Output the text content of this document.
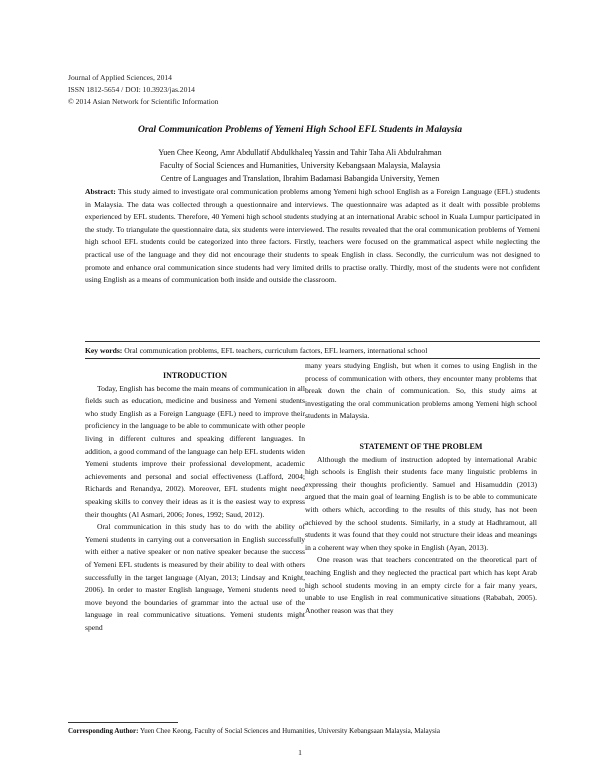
Journal of Applied Sciences, 2014
ISSN 1812-5654 / DOI: 10.3923/jas.2014
© 2014 Asian Network for Scientific Information
Oral Communication Problems of Yemeni High School EFL Students in Malaysia
Yuen Chee Keong, Amr Abdullatif Abdulkhaleq Yassin and Tahir Taha Ali Abdulrahman
Faculty of Social Sciences and Humanities, University Kebangsaan Malaysia, Malaysia
Centre of Languages and Translation, Ibrahim Badamasi Babangida University, Yemen
Abstract: This study aimed to investigate oral communication problems among Yemeni high school English as a Foreign Language (EFL) students in Malaysia. The data was collected through a questionnaire and interviews. The questionnaire was adapted as it dealt with possible problems experienced by EFL students. Therefore, 40 Yemeni high school students studying at an international Arabic school in Kuala Lumpur participated in the study. To triangulate the questionnaire data, six students were interviewed. The results revealed that the oral communication problems of Yemeni high school EFL students could be categorized into three factors. Firstly, teachers were focused on the grammatical aspect while neglecting the practical use of the language and they did not encourage their students to speak English in class. Secondly, the curriculum was not designed to promote and enhance oral communication since students had very limited drills to practise orally. Thirdly, most of the students were not confident using English as a means of communication both inside and outside the classroom.
Key words: Oral communication problems, EFL teachers, curriculum factors, EFL learners, international school

INTRODUCTION

Today, English has become the main means of communication in all fields such as education, medicine and business and Yemeni students who study English as a Foreign Language (EFL) need to improve their proficiency in the language to be able to communicate with other people living in different cultures and speaking different languages. In addition, a good command of the language can help EFL students widen Yemeni students improve their professional development, academic achievements and personal and social effectiveness (Lafford, 2004; Richards and Renandya, 2002). Moreover, EFL students might need speaking skills to convey their ideas as it is the easiest way to express their thoughts (Al Asmari, 2006; Jones, 1992; Saud, 2012).

Oral communication in this study has to do with the ability of Yemeni students in carrying out a conversation in English successfully with either a native speaker or non native speaker because the success of Yemeni EFL students is measured by their ability to deal with others successfully in the target language (Alyan, 2013; Lindsay and Knight, 2006). In order to master English language, Yemeni students need to move beyond the boundaries of grammar into the actual use of the language in real communicative situations. Yemeni students might spend

many years studying English, but when it comes to using English in the process of communication with others, they encounter many problems that break down the chain of communication. So, this study aims at investigating the oral communication problems among Yemeni high school students in Malaysia.

STATEMENT OF THE PROBLEM

Although the medium of instruction adopted by international Arabic high schools is English their students face many linguistic problems in expressing their thoughts proficiently. Samuel and Hisamuddin (2013) argued that the main goal of learning English is to be able to communicate with others which, according to the results of this study, has not been achieved by the school students. Similarly, in a study at Hadhramout, all students it was found that they could not structure their ideas and meanings in a coherent way when they spoke in English (Ayan, 2013).

One reason was that teachers concentrated on the theoretical part of teaching English and they neglected the practical part which has kept Arab high school students moving in an empty circle for a fair many years, unable to use English in real communicative situations (Rababah, 2005). Another reason was that they

Corresponding Author: Yuen Chee Keong, Faculty of Social Sciences and Humanities, University Kebangsaan Malaysia, Malaysia
1
